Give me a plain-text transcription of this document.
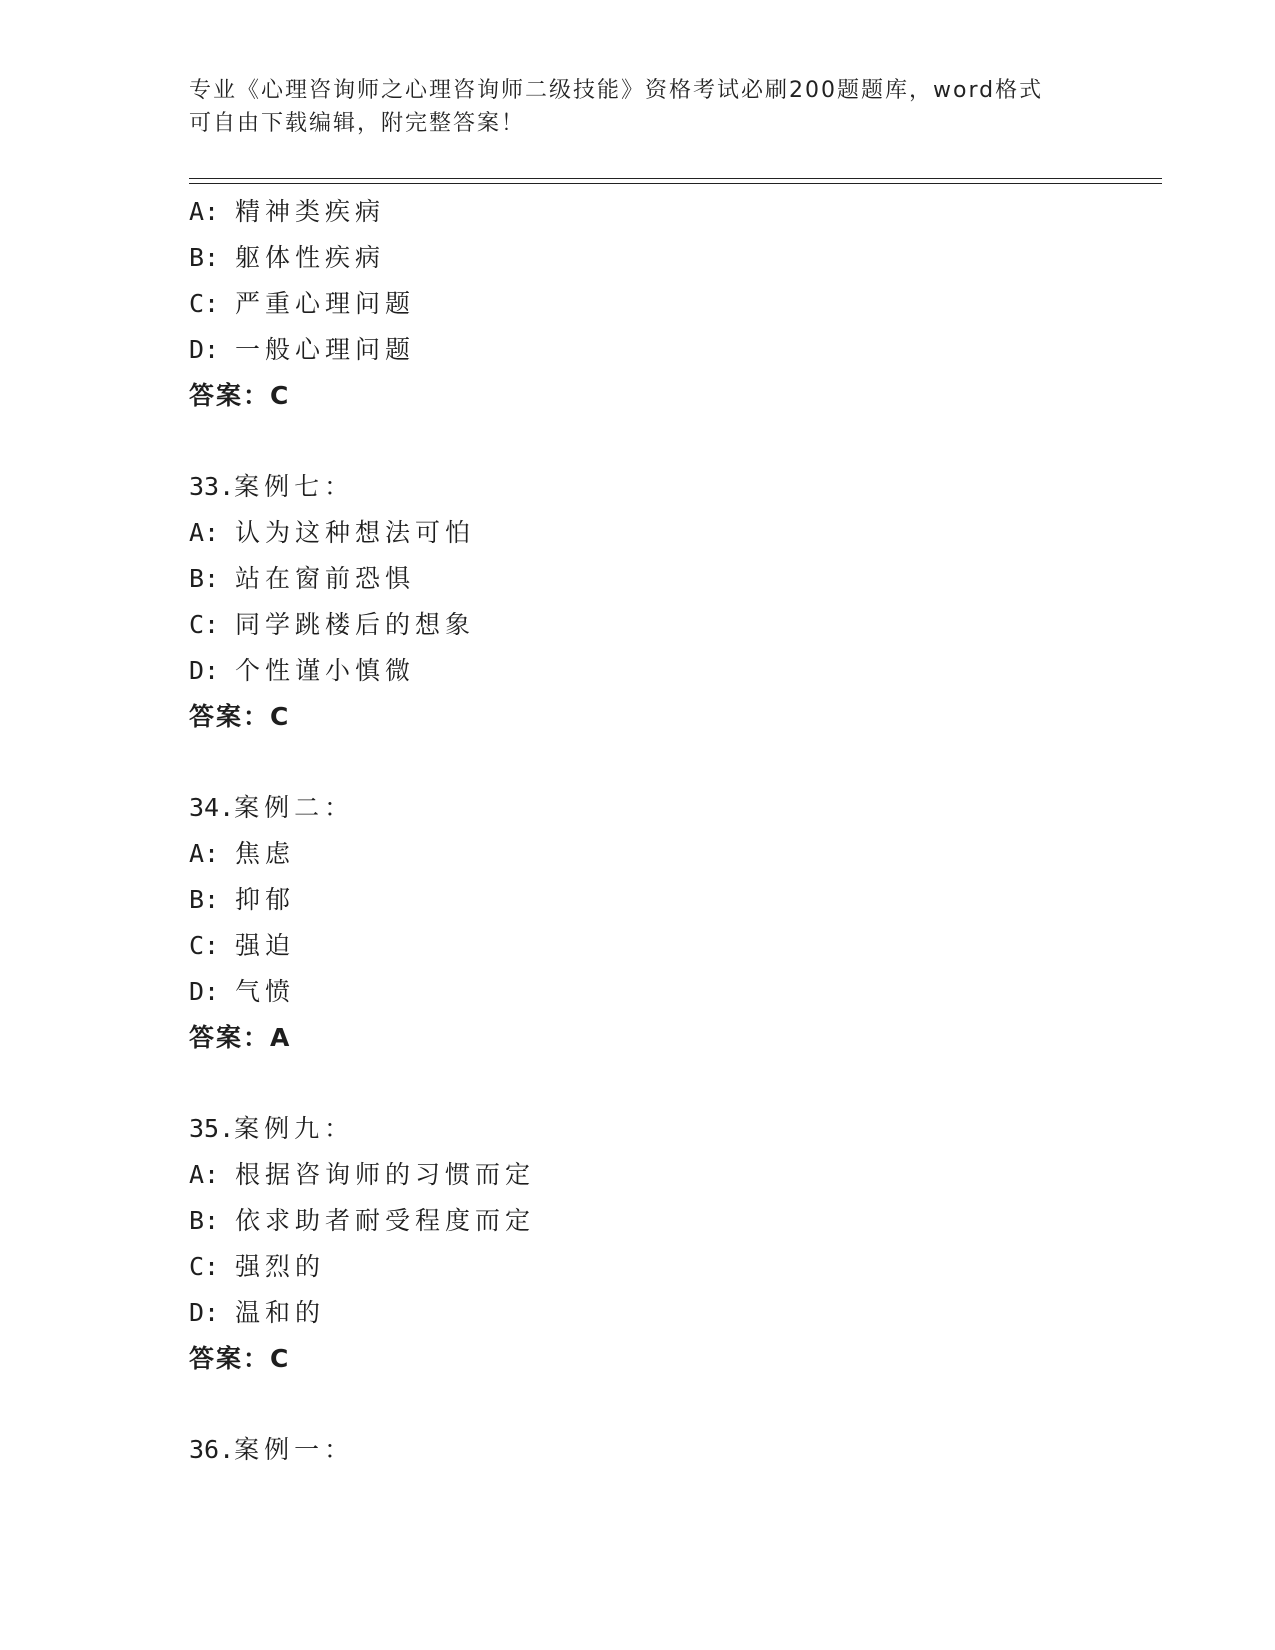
专业《心理咨询师之心理咨询师二级技能》资格考试必刷200题题库，word格式
可自由下载编辑，附完整答案！
A: 精神类疾病
B: 躯体性疾病
C: 严重心理问题
D: 一般心理问题
答案：C
33.案例七：
A: 认为这种想法可怕
B: 站在窗前恐惧
C: 同学跳楼后的想象
D: 个性谨小慎微
答案：C
34.案例二：
A: 焦虑
B: 抑郁
C: 强迫
D: 气愤
答案：A
35.案例九：
A: 根据咨询师的习惯而定
B: 依求助者耐受程度而定
C: 强烈的
D: 温和的
答案：C
36.案例一：
